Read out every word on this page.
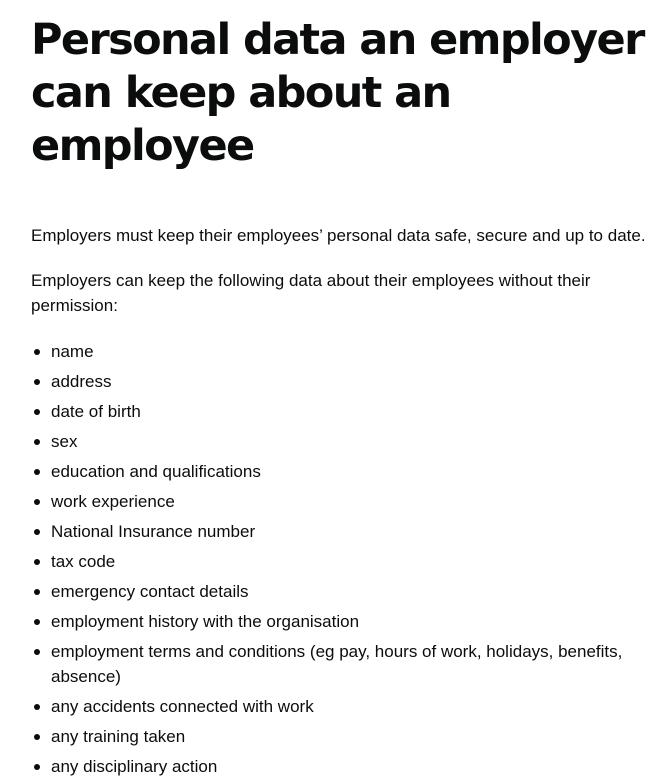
Personal data an employer can keep about an employee

Employers must keep their employees’ personal data safe, secure and up to date.

Employers can keep the following data about their employees without their permission:

name
address
date of birth
sex
education and qualifications
work experience
National Insurance number
tax code
emergency contact details
employment history with the organisation
employment terms and conditions (eg pay, hours of work, holidays, benefits, absence)
any accidents connected with work
any training taken
any disciplinary action
